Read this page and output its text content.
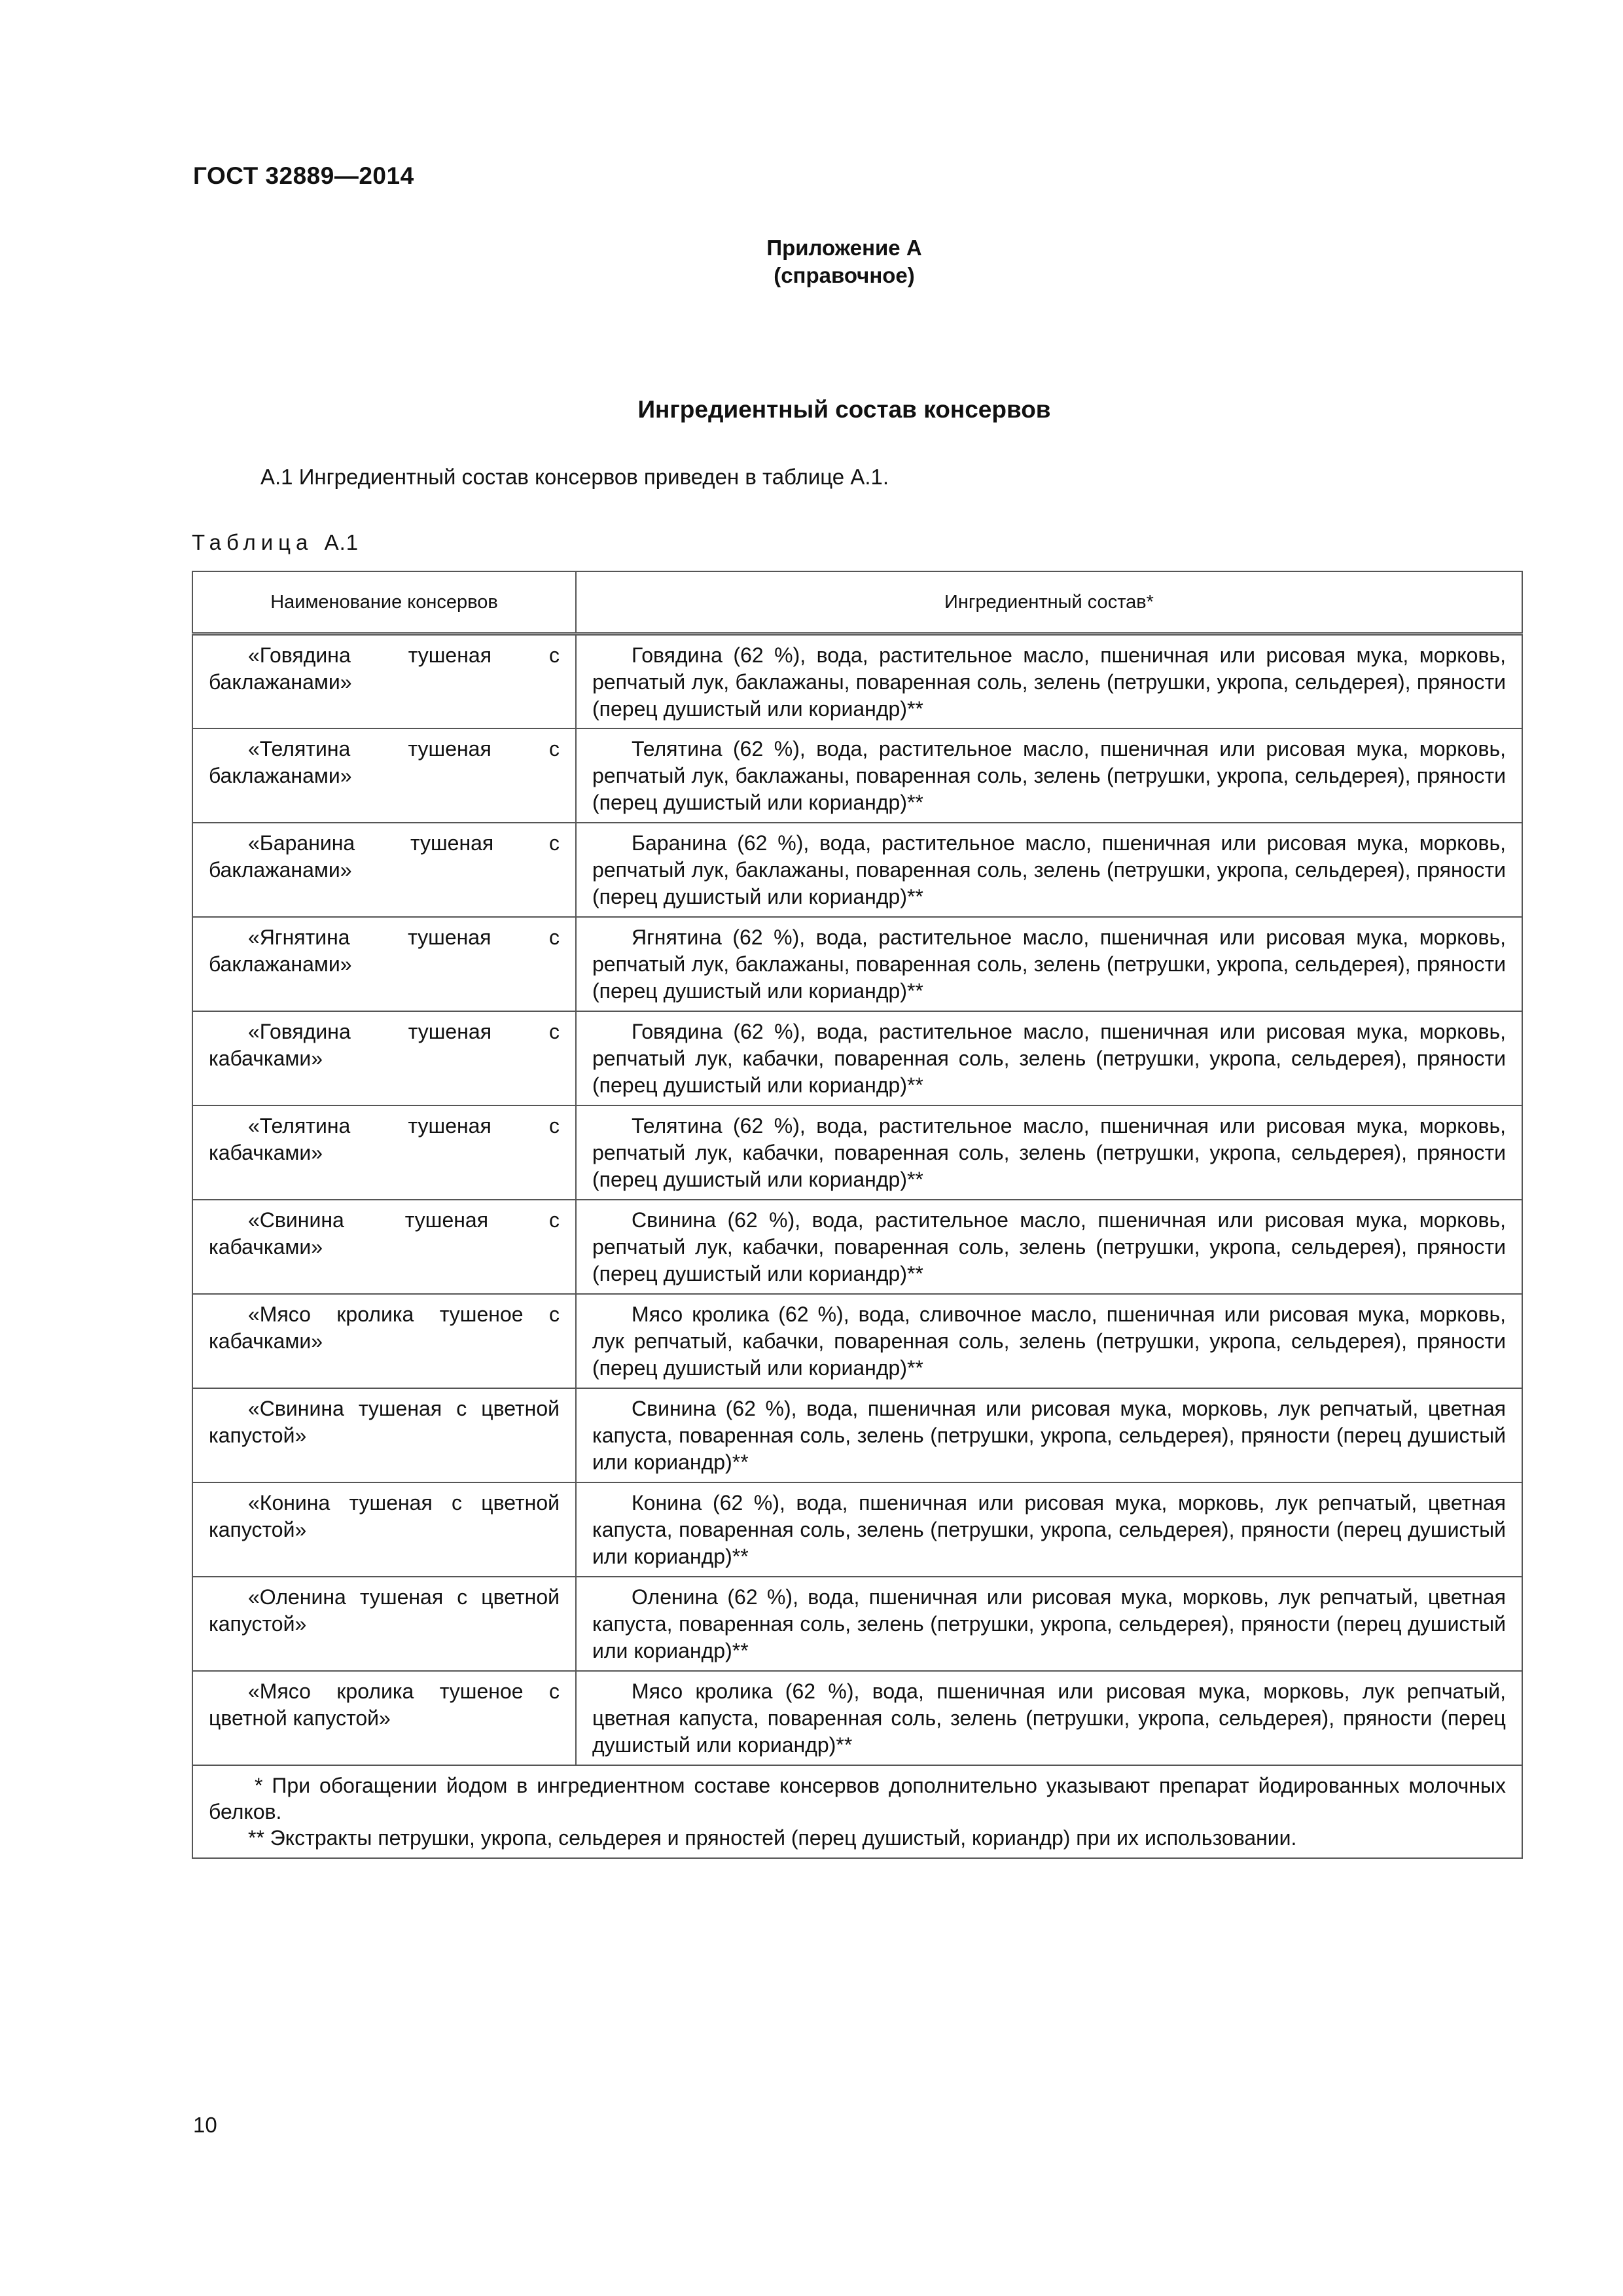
ГОСТ 32889—2014
Приложение А
(справочное)
Ингредиентный состав консервов
А.1 Ингредиентный состав консервов приведен в таблице А.1.
Таблица А.1
Наименование консервов	Ингредиентный состав*

«Говядина тушеная с баклажанами»	Говядина (62 %), вода, растительное масло, пшеничная или рисовая мука, морковь, репчатый лук, баклажаны, поваренная соль, зелень (петрушки, укропа, сельдерея), пряности (перец душистый или кориандр)**

«Телятина тушеная с баклажанами»	Телятина (62 %), вода, растительное масло, пшеничная или рисовая мука, морковь, репчатый лук, баклажаны, поваренная соль, зелень (петрушки, укропа, сельдерея), пряности (перец душистый или кориандр)**

«Баранина тушеная с баклажанами»	Баранина (62 %), вода, растительное масло, пшеничная или рисовая мука, морковь, репчатый лук, баклажаны, поваренная соль, зелень (петрушки, укропа, сельдерея), пряности (перец душистый или кориандр)**

«Ягнятина тушеная с баклажанами»	Ягнятина (62 %), вода, растительное масло, пшеничная или рисовая мука, морковь, репчатый лук, баклажаны, поваренная соль, зелень (петрушки, укропа, сельдерея), пряности (перец душистый или кориандр)**

«Говядина тушеная с кабачками»	Говядина (62 %), вода, растительное масло, пшеничная или рисовая мука, морковь, репчатый лук, кабачки, поваренная соль, зелень (петрушки, укропа, сельдерея), пряности (перец душистый или кориандр)**

«Телятина тушеная с кабачками»	Телятина (62 %), вода, растительное масло, пшеничная или рисовая мука, морковь, репчатый лук, кабачки, поваренная соль, зелень (петрушки, укропа, сельдерея), пряности (перец душистый или кориандр)**

«Свинина тушеная с кабачками»	Свинина (62 %), вода, растительное масло, пшеничная или рисовая мука, морковь, репчатый лук, кабачки, поваренная соль, зелень (петрушки, укропа, сельдерея), пряности (перец душистый или кориандр)**

«Мясо кролика тушеное с кабачками»	Мясо кролика (62 %), вода, сливочное масло, пшеничная или рисовая мука, морковь, лук репчатый, кабачки, поваренная соль, зелень (петрушки, укропа, сельдерея), пряности (перец душистый или кориандр)**

«Свинина тушеная с цветной капустой»	Свинина (62 %), вода, пшеничная или рисовая мука, морковь, лук репчатый, цветная капуста, поваренная соль, зелень (петрушки, укропа, сельдерея), пряности (перец душистый или кориандр)**

«Конина тушеная с цветной капустой»	Конина (62 %), вода, пшеничная или рисовая мука, морковь, лук репчатый, цветная капуста, поваренная соль, зелень (петрушки, укропа, сельдерея), пряности (перец душистый или кориандр)**

«Оленина тушеная с цветной капустой»	Оленина (62 %), вода, пшеничная или рисовая мука, морковь, лук репчатый, цветная капуста, поваренная соль, зелень (петрушки, укропа, сельдерея), пряности (перец душистый или кориандр)**

«Мясо кролика тушеное с цветной капустой»	Мясо кролика (62 %), вода, пшеничная или рисовая мука, морковь, лук репчатый, цветная капуста, поваренная соль, зелень (петрушки, укропа, сельдерея), пряности (перец душистый или кориандр)**

* При обогащении йодом в ингредиентном составе консервов дополнительно указывают препарат йодированных молочных белков.
** Экстракты петрушки, укропа, сельдерея и пряностей (перец душистый, кориандр) при их использовании.	
10
